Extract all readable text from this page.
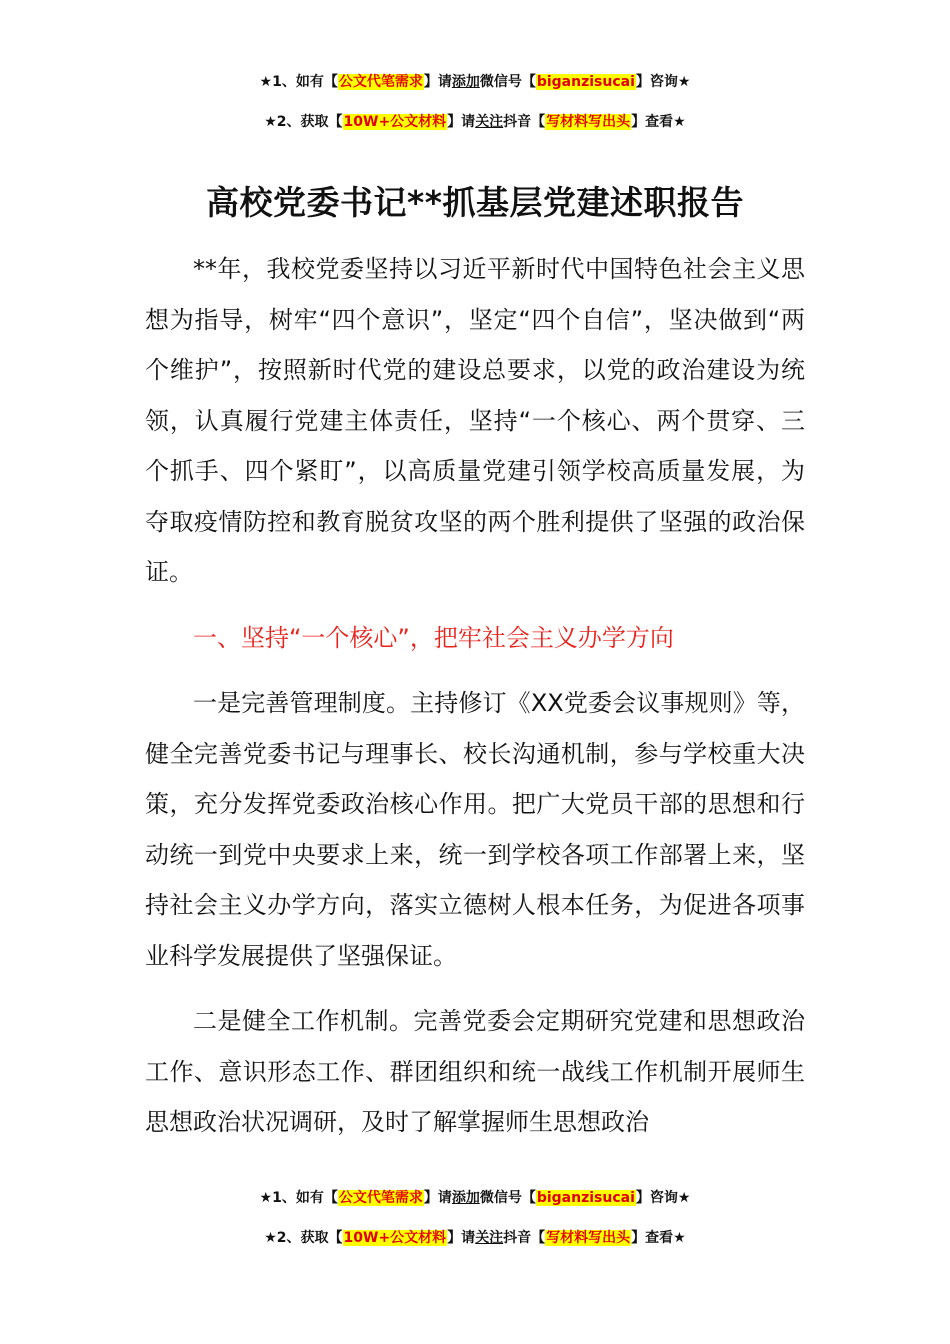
★1、如有【公文代笔需求】请添加微信号【biganzisucai】咨询★
★2、获取【10W+公文材料】请关注抖音【写材料写出头】查看★
高校党委书记**抓基层党建述职报告

**年，我校党委坚持以习近平新时代中国特色社会主义思想为指导，树牢“四个意识”，坚定“四个自信”，坚决做到“两个维护”，按照新时代党的建设总要求，以党的政治建设为统领，认真履行党建主体责任，坚持“一个核心、两个贯穿、三个抓手、四个紧盯”，以高质量党建引领学校高质量发展，为夺取疫情防控和教育脱贫攻坚的两个胜利提供了坚强的政治保证。

一、坚持“一个核心”，把牢社会主义办学方向

一是完善管理制度。主持修订《XX党委会议事规则》等，健全完善党委书记与理事长、校长沟通机制，参与学校重大决策，充分发挥党委政治核心作用。把广大党员干部的思想和行动统一到党中央要求上来，统一到学校各项工作部署上来，坚持社会主义办学方向，落实立德树人根本任务，为促进各项事业科学发展提供了坚强保证。

二是健全工作机制。完善党委会定期研究党建和思想政治工作、意识形态工作、群团组织和统一战线工作机制开展师生思想政治状况调研，及时了解掌握师生思想政治

★1、如有【公文代笔需求】请添加微信号【biganzisucai】咨询★
★2、获取【10W+公文材料】请关注抖音【写材料写出头】查看★
